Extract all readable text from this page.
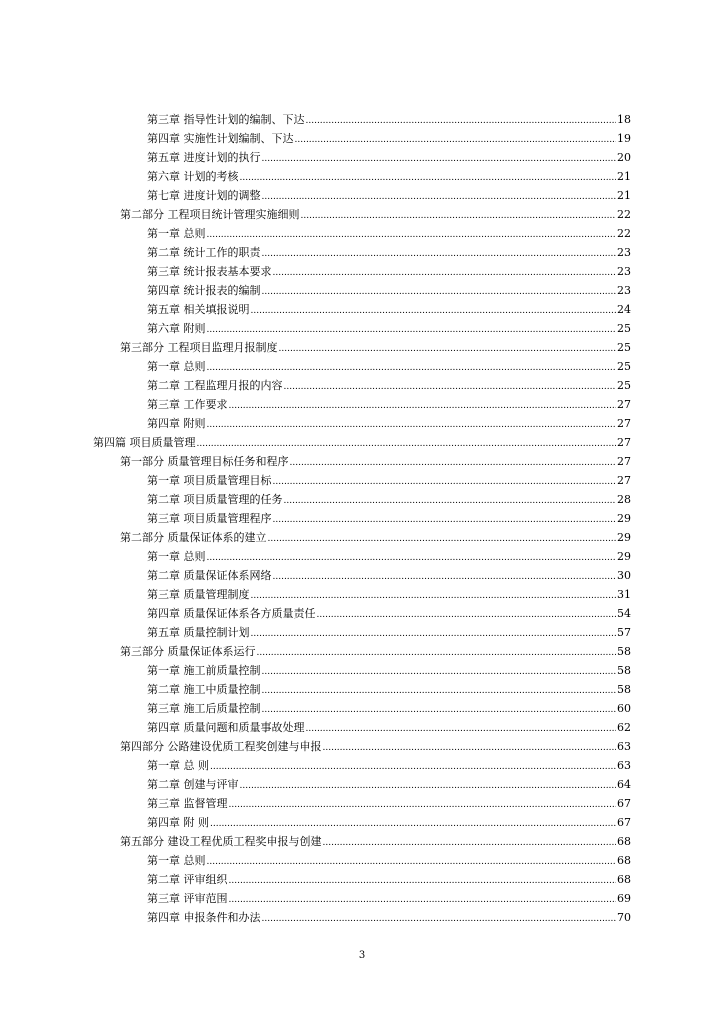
第三章 指导性计划的编制、下达 .....	18
第四章 实施性计划编制、下达 .....	19
第五章 进度计划的执行 .....	20
第六章 计划的考核 .....	21
第七章 进度计划的调整 .....	21
第二部分 工程项目统计管理实施细则 .....	22
第一章 总则 .....	22
第二章 统计工作的职责 .....	23
第三章 统计报表基本要求 .....	23
第四章 统计报表的编制 .....	23
第五章 相关填报说明 .....	24
第六章 附则 .....	25
第三部分 工程项目监理月报制度 .....	25
第一章 总则 .....	25
第二章 工程监理月报的内容 .....	25
第三章 工作要求 .....	27
第四章 附则 .....	27
第四篇 项目质量管理 .....	27
第一部分 质量管理目标任务和程序 .....	27
第一章 项目质量管理目标 .....	27
第二章 项目质量管理的任务 .....	28
第三章 项目质量管理程序 .....	29
第二部分 质量保证体系的建立 .....	29
第一章 总则 .....	29
第二章 质量保证体系网络 .....	30
第三章 质量管理制度 .....	31
第四章 质量保证体系各方质量责任 .....	54
第五章 质量控制计划 .....	57
第三部分 质量保证体系运行 .....	58
第一章 施工前质量控制 .....	58
第二章 施工中质量控制 .....	58
第三章 施工后质量控制 .....	60
第四章 质量问题和质量事故处理 .....	62
第四部分 公路建设优质工程奖创建与申报 .....	63
第一章 总 则 .....	63
第二章 创建与评审 .....	64
第三章 监督管理 .....	67
第四章 附 则 .....	67
第五部分 建设工程优质工程奖申报与创建 .....	68
第一章 总则 .....	68
第二章 评审组织 .....	68
第三章 评审范围 .....	69
第四章 申报条件和办法 .....	70
3
